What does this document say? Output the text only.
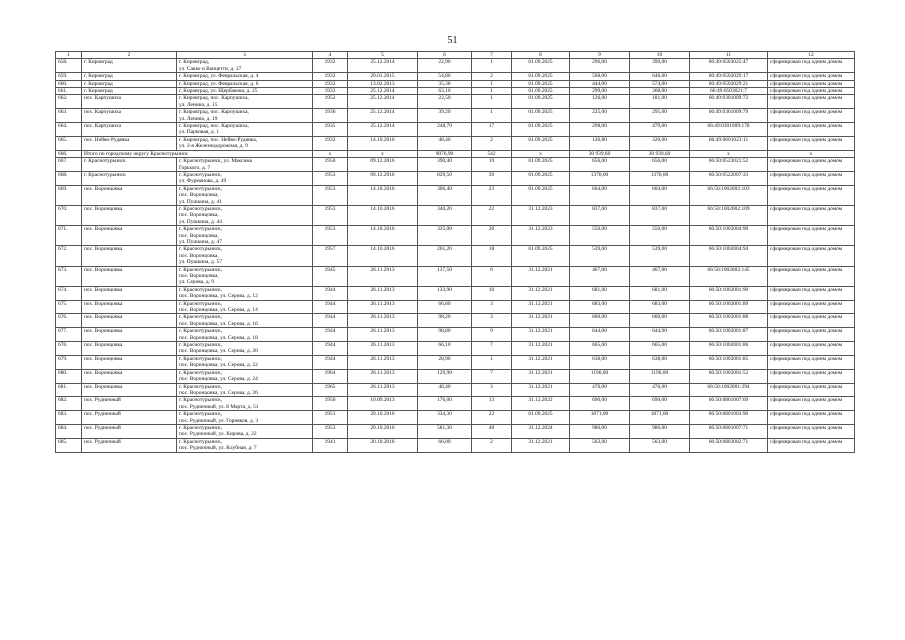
51
1	2	3	4	5	6	7	8	9	10	11	12
658.	г. Кировград	г. Кировград,
ул. Сакко и Ванцетти, д. 27	1932	25.12.2014	22,90	1	01.09.2025	296,00	399,00	66:49:0503025:47	сформирован под одним домом
659.	г. Кировград	г. Кировград, ул. Февральская, д. 4	1932	20.01.2015	54,80	2	01.09.2025	568,00	646,00	66:49:0502029:17	сформирован под одним домом
660.	г. Кировград	г. Кировград, ул. Февральская, д. 6	1932	13.02.2013	35,38	1	01.09.2025	444,00	574,00	66:49:0502029:21	сформирован под одним домом
661.	г. Кировград	г. Кировград, ул. Щербакова, д. 25	1933	25.12.2014	63,10	1	01.09.2025	299,00	368,00	66:49:0503021:7	сформирован под одним домом
662.	пос. Карпушиха	г. Кировград, пос. Карпушиха,
ул. Ленина, д. 15	1952	25.12.2014	22,50	1	01.09.2025	126,00	181,00	66:49:0301009:72	сформирован под одним домом
663.	пос. Карпушиха	г. Кировград, пос. Карпушиха,
ул. Ленина, д. 19	1936	25.12.2014	39,20	1	01.09.2025	225,00	295,00	66:49:0301009:79	сформирован под одним домом
664.	пос. Карпушиха	г. Кировград, пос. Карпушиха,
ул. Парковая, д. 1	1935	25.12.2014	248,70	17	01.09.2025	298,00	479,00	66:49:0301009:178	сформирован под одним домом
665.	пос. Нейво-Рудянка	г. Кировград, пос. Нейво-Рудянка,
ул. 2-я Железнодорожная, д. 9	1932	14.10.2016	48,40	2	01.09.2025	126,80	320,00	66:49:0601023:11	сформирован под одним домом
666.	Итого по городскому округу Краснотурьинск		x	x	9076,90	542	x	30 939,60	30 939,60	x	x
667.	г. Краснотурьинск	г. Краснотурьинск, ул. Максима
Горького, д. 7	1950	09.12.2016	390,40	19	01.09.2025	656,00	656,00	66:50:0523021:52	сформирован под одним домом
668.	г. Краснотурьинск	г. Краснотурьинск,
ул. Фурманова, д. 49	1953	09.12.2016	829,50	39	01.09.2025	1378,00	1378,00	66:50:0522007:33	сформирован под одним домом
669.	пос. Воронцовка	г. Краснотурьинск,
пос. Воронцовка,
ул. Пушкина, д. 41	1953	14.10.2016	306,40	23	01.09.2025	604,00	604,00	66:50:1002002:103	сформирован под одним домом
670.	пос. Воронцовка	г. Краснотурьинск,
пос. Воронцовка,
ул. Пушкина, д. 44	1953	14.10.2016	340,20	22	31.12.2023	837,00	837,00	66:50:1002002:109	сформирован под одним домом
671.	пос. Воронцовка	г. Краснотурьинск,
пос. Воронцовка,
ул. Пушкина, д. 47	1953	14.10.2016	335,00	20	31.12.2023	550,00	550,00	66:50:1002004:90	сформирован под одним домом
672.	пос. Воронцовка	г. Краснотурьинск,
пос. Воронцовка,
ул. Пушкина, д. 57	1957	14.10.2016	261,20	18	01.09.2025	539,00	539,00	66:50:1002004:94	сформирован под одним домом
673.	пос. Воронцовка	г. Краснотурьинск,
пос. Воронцовка,
ул. Серова, д. 9	1945	26.11.2013	137,50	6	31.12.2021	467,00	467,00	66:50:1002002:145	сформирован под одним домом
674.	пос. Воронцовка	г. Краснотурьинск,
пос. Воронцовка, ул. Серова, д. 12	1944	26.11.2013	133,90	10	31.12.2021	681,00	681,00	66:50:1002001:90	сформирован под одним домом
675.	пос. Воронцовка	г. Краснотурьинск,
пос. Воронцовка, ул. Серова, д. 14	1944	26.11.2013	66,80	3	31.12.2021	683,00	683,00	66:50:1002001:89	сформирован под одним домом
676.	пос. Воронцовка	г. Краснотурьинск,
пос. Воронцовка, ул. Серова, д. 16	1944	26.11.2013	98,20	3	31.12.2021	660,00	660,00	66:50:1002001:88	сформирован под одним домом
677.	пос. Воронцовка	г. Краснотурьинск,
пос. Воронцовка, ул. Серова, д. 18	1944	26.11.2013	98,80	9	31.12.2021	644,00	644,00	66:50:1002001:87	сформирован под одним домом
678.	пос. Воронцовка	г. Краснотурьинск,
пос. Воронцовка, ул. Серова, д. 20	1944	26.11.2013	66,10	7	31.12.2021	665,00	665,00	66:50:1002001:86	сформирован под одним домом
679.	пос. Воронцовка	г. Краснотурьинск,
пос. Воронцовка, ул. Серова, д. 22	1944	26.11.2013	28,90	1	31.12.2021	638,00	638,00	66:50:1002001:85	сформирован под одним домом
680.	пос. Воронцовка	г. Краснотурьинск,
пос. Воронцовка, ул. Серова, д. 24	1964	26.11.2013	129,90	7	31.12.2021	1196,00	1196,00	66:50:1002001:52	сформирован под одним домом
681.	пос. Воронцовка	г. Краснотурьинск,
пос. Воронцовка, ул. Серова, д. 26	1965	26.11.2013	48,40	3	31.12.2021	476,00	476,00	66:50:1002001:294	сформирован под одним домом
682.	пос. Рудничный	г. Краснотурьинск,
пос. Рудничный, ул. 8 Марта, д. 51	1950	10.09.2013	176,00	13	31.12.2022	690,00	690,00	66:50:0801007:69	сформирован под одним домом
683.	пос. Рудничный	г. Краснотурьинск,
пос. Рудничный, ул. Горняков, д. 3	1951	20.10.2016	334,30	22	01.09.2025	1871,00	1871,00	66:50:0801003:90	сформирован под одним домом
684.	пос. Рудничный	г. Краснотурьинск,
пос. Рудничный, ул. Кирова, д. 22	1953	20.10.2016	581,30	40	31.12.2024	986,00	986,00	66:50:0801007:71	сформирован под одним домом
685.	пос. Рудничный	г. Краснотурьинск,
пос. Рудничный, ул. Клубная, д. 7	1941	20.10.2016	66,00	2	31.12.2021	563,00	563,00	66:50:0803002:71	сформирован под одним домом
